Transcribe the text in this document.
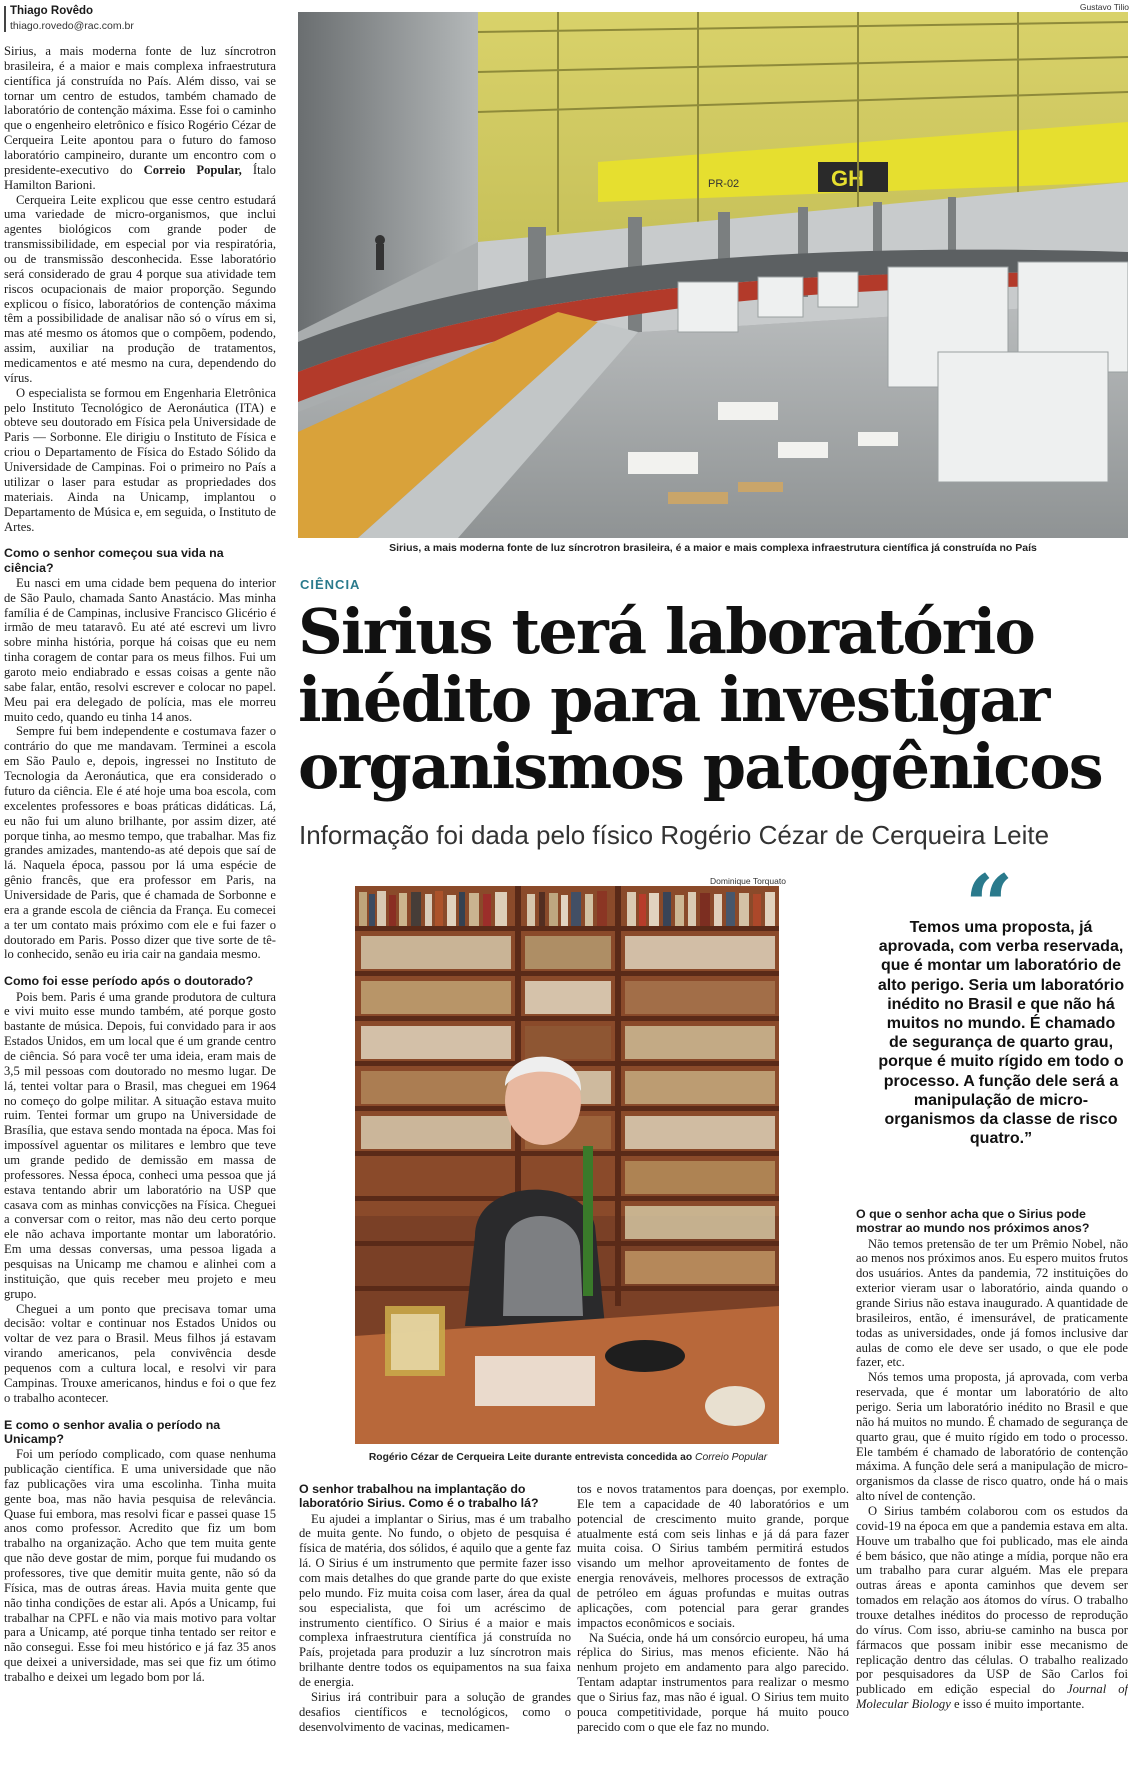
Thiago Rovêdo
thiago.rovedo@rac.com.br

Sirius, a mais moderna fonte de luz síncrotron brasileira, é a maior e mais complexa infraestrutura científica já construída no País. Além disso, vai se tornar um centro de estudos, também chamado de laboratório de contenção máxima. Esse foi o caminho que o engenheiro eletrônico e físico Rogério Cézar de Cerqueira Leite apontou para o futuro do famoso laboratório campineiro, durante um encontro com o presidente-executivo do Correio Popular, Ítalo Hamilton Barioni.

Cerqueira Leite explicou que esse centro estudará uma variedade de micro-organismos, que inclui agentes biológicos com grande poder de transmissibilidade, em especial por via respiratória, ou de transmissão desconhecida. Esse laboratório será considerado de grau 4 porque sua atividade tem riscos ocupacionais de maior proporção. Segundo explicou o físico, laboratórios de contenção máxima têm a possibilidade de analisar não só o vírus em si, mas até mesmo os átomos que o compõem, podendo, assim, auxiliar na produção de tratamentos, medicamentos e até mesmo na cura, dependendo do vírus.

O especialista se formou em Engenharia Eletrônica pelo Instituto Tecnológico de Aeronáutica (ITA) e obteve seu doutorado em Física pela Universidade de Paris — Sorbonne. Ele dirigiu o Instituto de Física e criou o Departamento de Física do Estado Sólido da Universidade de Campinas. Foi o primeiro no País a utilizar o laser para estudar as propriedades dos materiais. Ainda na Unicamp, implantou o Departamento de Música e, em seguida, o Instituto de Artes.

Como o senhor começou sua vida na ciência?

Eu nasci em uma cidade bem pequena do interior de São Paulo, chamada Santo Anastácio. Mas minha família é de Campinas, inclusive Francisco Glicério é irmão de meu tataravô. Eu até até escrevi um livro sobre minha história, porque há coisas que eu nem tinha coragem de contar para os meus filhos. Fui um garoto meio endiabrado e essas coisas a gente não sabe falar, então, resolvi escrever e colocar no papel. Meu pai era delegado de polícia, mas ele morreu muito cedo, quando eu tinha 14 anos.

Sempre fui bem independente e costumava fazer o contrário do que me mandavam. Terminei a escola em São Paulo e, depois, ingressei no Instituto de Tecnologia da Aeronáutica, que era considerado o futuro da ciência. Ele é até hoje uma boa escola, com excelentes professores e boas práticas didáticas. Lá, eu não fui um aluno brilhante, por assim dizer, até porque tinha, ao mesmo tempo, que trabalhar. Mas fiz grandes amizades, mantendo-as até depois que saí de lá. Naquela época, passou por lá uma espécie de gênio francês, que era professor em Paris, na Universidade de Paris, que é chamada de Sorbonne e era a grande escola de ciência da França. Eu comecei a ter um contato mais próximo com ele e fui fazer o doutorado em Paris. Posso dizer que tive sorte de tê-lo conhecido, senão eu iria cair na gandaia mesmo.

Como foi esse período após o doutorado?

Pois bem. Paris é uma grande produtora de cultura e vivi muito esse mundo também, até porque gosto bastante de música. Depois, fui convidado para ir aos Estados Unidos, em um local que é um grande centro de ciência. Só para você ter uma ideia, eram mais de 3,5 mil pessoas com doutorado no mesmo lugar. De lá, tentei voltar para o Brasil, mas cheguei em 1964 no começo do golpe militar. A situação estava muito ruim. Tentei formar um grupo na Universidade de Brasília, que estava sendo montada na época. Mas foi impossível aguentar os militares e lembro que teve um grande pedido de demissão em massa de professores. Nessa época, conheci uma pessoa que já estava tentando abrir um laboratório na USP que casava com as minhas convicções na Física. Cheguei a conversar com o reitor, mas não deu certo porque ele não achava importante montar um laboratório. Em uma dessas conversas, uma pessoa ligada a pesquisas na Unicamp me chamou e alinhei com a instituição, que quis receber meu projeto e meu grupo.

Cheguei a um ponto que precisava tomar uma decisão: voltar e continuar nos Estados Unidos ou voltar de vez para o Brasil. Meus filhos já estavam virando americanos, pela convivência desde pequenos com a cultura local, e resolvi vir para Campinas. Trouxe americanos, hindus e foi o que fez o trabalho acontecer.

E como o senhor avalia o período na Unicamp?

Foi um período complicado, com quase nenhuma publicação científica. E uma universidade que não faz publicações vira uma escolinha. Tinha muita gente boa, mas não havia pesquisa de relevância. Quase fui embora, mas resolvi ficar e passei quase 15 anos como professor. Acredito que fiz um bom trabalho na organização. Acho que tem muita gente que não deve gostar de mim, porque fui mudando os professores, tive que demitir muita gente, não só da Física, mas de outras áreas. Havia muita gente que não tinha condições de estar ali. Após a Unicamp, fui trabalhar na CPFL e não via mais motivo para voltar para a Unicamp, até porque tinha tentado ser reitor e não consegui. Esse foi meu histórico e já faz 35 anos que deixei a universidade, mas sei que fiz um ótimo trabalho e deixei um legado bom por lá.

Gustavo Tilio
GH
PR-02
Sirius, a mais moderna fonte de luz síncrotron brasileira, é a maior e mais complexa infraestrutura científica já construída no País
CIÊNCIA
Sirius terá laboratório
inédito para investigar
organismos patogênicos
Informação foi dada pelo físico Rogério Cézar de Cerqueira Leite
Dominique Torquato
Rogério Cézar de Cerqueira Leite durante entrevista concedida ao Correio Popular
“
Temos uma proposta, já aprovada, com verba reservada, que é montar um laboratório de alto perigo. Seria um laboratório inédito no Brasil e que não há muitos no mundo. É chamado de segurança de quarto grau, porque é muito rígido em todo o processo. A função dele será a manipulação de micro-organismos da classe de risco quatro.”
O que o senhor acha que o Sirius pode mostrar ao mundo nos próximos anos?

Não temos pretensão de ter um Prêmio Nobel, não ao menos nos próximos anos. Eu espero muitos frutos dos usuários. Antes da pandemia, 72 instituições do exterior vieram usar o laboratório, ainda quando o grande Sirius não estava inaugurado. A quantidade de brasileiros, então, é imensurável, de praticamente todas as universidades, onde já fomos inclusive dar aulas de como ele deve ser usado, o que ele pode fazer, etc.

Nós temos uma proposta, já aprovada, com verba reservada, que é montar um laboratório de alto perigo. Seria um laboratório inédito no Brasil e que não há muitos no mundo. É chamado de segurança de quarto grau, que é muito rígido em todo o processo. Ele também é chamado de laboratório de contenção máxima. A função dele será a manipulação de micro-organismos da classe de risco quatro, onde há o mais alto nível de contenção.

O Sirius também colaborou com os estudos da covid-19 na época em que a pandemia estava em alta. Houve um trabalho que foi publicado, mas ele ainda é bem básico, que não atinge a mídia, porque não era um trabalho para curar alguém. Mas ele prepara outras áreas e aponta caminhos que devem ser tomados em relação aos átomos do vírus. O trabalho trouxe detalhes inéditos do processo de reprodução do vírus. Com isso, abriu-se caminho na busca por fármacos que possam inibir esse mecanismo de replicação dentro das células. O trabalho realizado por pesquisadores da USP de São Carlos foi publicado em edição especial do Journal of Molecular Biology e isso é muito importante.

O senhor trabalhou na implantação do laboratório Sirius. Como é o trabalho lá?

Eu ajudei a implantar o Sirius, mas é um trabalho de muita gente. No fundo, o objeto de pesquisa é física de matéria, dos sólidos, é aquilo que a gente faz lá. O Sirius é um instrumento que permite fazer isso com mais detalhes do que grande parte do que existe pelo mundo. Fiz muita coisa com laser, área da qual sou especialista, que foi um acréscimo de instrumento científico. O Sirius é a maior e mais complexa infraestrutura científica já construída no País, projetada para produzir a luz síncrotron mais brilhante dentre todos os equipamentos na sua faixa de energia.

Sirius irá contribuir para a solução de grandes desafios científicos e tecnológicos, como o desenvolvimento de vacinas, medicamen-

tos e novos tratamentos para doenças, por exemplo. Ele tem a capacidade de 40 laboratórios e um potencial de crescimento muito grande, porque atualmente está com seis linhas e já dá para fazer muita coisa. O Sirius também permitirá estudos visando um melhor aproveitamento de fontes de energia renováveis, melhores processos de extração de petróleo em águas profundas e muitas outras aplicações, com potencial para gerar grandes impactos econômicos e sociais.

Na Suécia, onde há um consórcio europeu, há uma réplica do Sirius, mas menos eficiente. Não há nenhum projeto em andamento para algo parecido. Tentam adaptar instrumentos para realizar o mesmo que o Sirius faz, mas não é igual. O Sirius tem muito pouca competitividade, porque há muito pouco parecido com o que ele faz no mundo.
